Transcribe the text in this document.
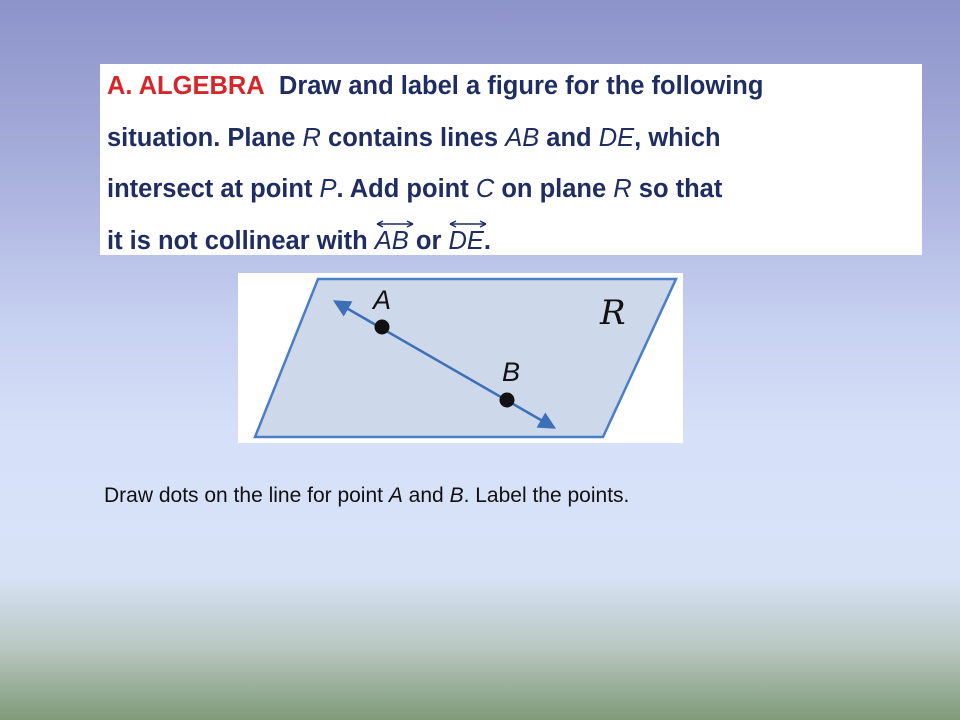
A. ALGEBRA Draw and label a figure for the following
situation. Plane R contains lines AB and DE, which
intersect at point P. Add point C on plane R so that
it is not collinear with
AB or
DE.
A
B
R
Draw dots on the line for point A and B. Label the points.
